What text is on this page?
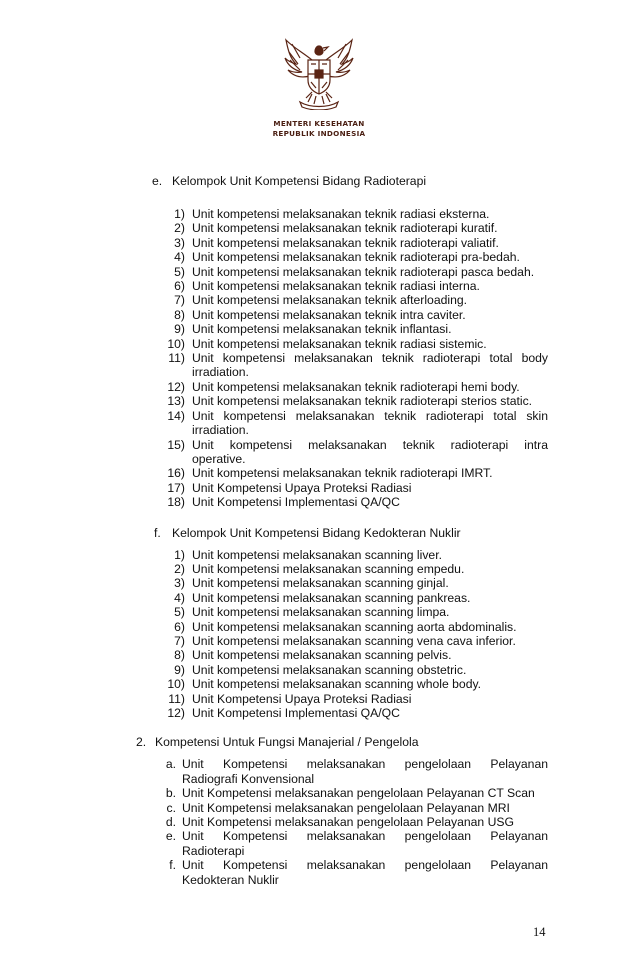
MENTERI KESEHATAN
REPUBLIK INDONESIA
e. Kelompok Unit Kompetensi Bidang Radioterapi
1) Unit kompetensi melaksanakan teknik radiasi eksterna.
2) Unit kompetensi melaksanakan teknik radioterapi kuratif.
3) Unit kompetensi melaksanakan teknik radioterapi valiatif.
4) Unit kompetensi melaksanakan teknik radioterapi pra-bedah.
5) Unit kompetensi melaksanakan teknik radioterapi pasca bedah.
6) Unit kompetensi melaksanakan teknik radiasi interna.
7) Unit kompetensi melaksanakan teknik afterloading.
8) Unit kompetensi melaksanakan teknik intra caviter.
9) Unit kompetensi melaksanakan teknik inflantasi.
10) Unit kompetensi melaksanakan teknik radiasi sistemic.
11) Unit kompetensi melaksanakan teknik radioterapi total body
irradiation.
12) Unit kompetensi melaksanakan teknik radioterapi hemi body.
13) Unit kompetensi melaksanakan teknik radioterapi sterios static.
14) Unit kompetensi melaksanakan teknik radioterapi total skin
irradiation.
15) Unit kompetensi melaksanakan teknik radioterapi intra
operative.
16) Unit kompetensi melaksanakan teknik radioterapi IMRT.
17) Unit Kompetensi Upaya Proteksi Radiasi
18) Unit Kompetensi Implementasi QA/QC
f. Kelompok Unit Kompetensi Bidang Kedokteran Nuklir
1) Unit kompetensi melaksanakan scanning liver.
2) Unit kompetensi melaksanakan scanning empedu.
3) Unit kompetensi melaksanakan scanning ginjal.
4) Unit kompetensi melaksanakan scanning pankreas.
5) Unit kompetensi melaksanakan scanning limpa.
6) Unit kompetensi melaksanakan scanning aorta abdominalis.
7) Unit kompetensi melaksanakan scanning vena cava inferior.
8) Unit kompetensi melaksanakan scanning pelvis.
9) Unit kompetensi melaksanakan scanning obstetric.
10) Unit kompetensi melaksanakan scanning whole body.
11) Unit Kompetensi Upaya Proteksi Radiasi
12) Unit Kompetensi Implementasi QA/QC
2. Kompetensi Untuk Fungsi Manajerial / Pengelola
a. Unit Kompetensi melaksanakan pengelolaan Pelayanan
Radiografi Konvensional
b. Unit Kompetensi melaksanakan pengelolaan Pelayanan CT Scan
c. Unit Kompetensi melaksanakan pengelolaan Pelayanan MRI
d. Unit Kompetensi melaksanakan pengelolaan Pelayanan USG
e. Unit Kompetensi melaksanakan pengelolaan Pelayanan
Radioterapi
f. Unit Kompetensi melaksanakan pengelolaan Pelayanan
Kedokteran Nuklir
14
